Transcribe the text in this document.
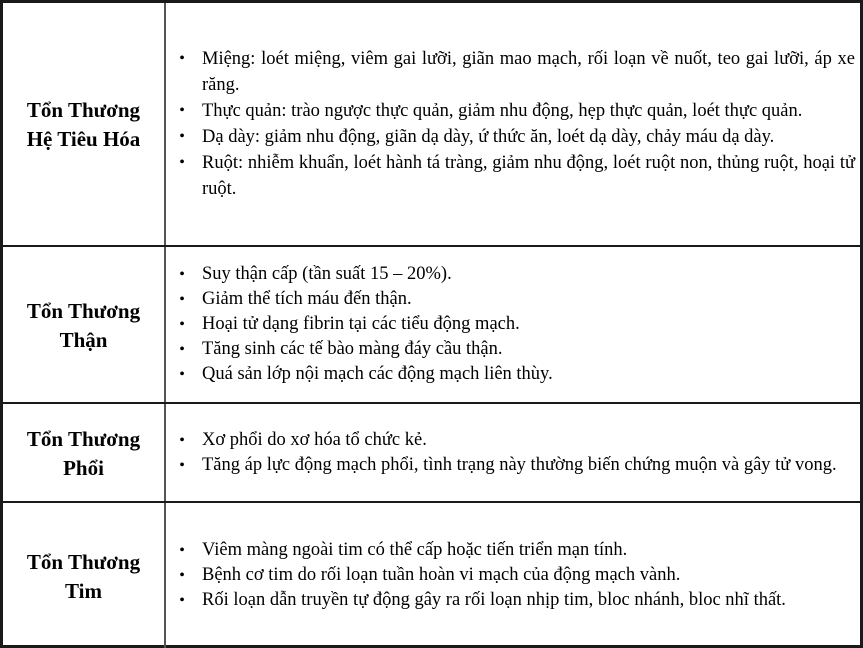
Tổn Thương
Hệ Tiêu Hóa
• Miệng: loét miệng, viêm gai lưỡi, giãn mao mạch, rối loạn về nuốt, teo gai lưỡi, áp xe răng.
• Thực quản: trào ngược thực quản, giảm nhu động, hẹp thực quản, loét thực quản.
• Dạ dày: giảm nhu động, giãn dạ dày, ứ thức ăn, loét dạ dày, chảy máu dạ dày.
• Ruột: nhiễm khuẩn, loét hành tá tràng, giảm nhu động, loét ruột non, thủng ruột, hoại tử ruột.
Tổn Thương
Thận
• Suy thận cấp (tần suất 15 – 20%).
• Giảm thể tích máu đến thận.
• Hoại tử dạng fibrin tại các tiểu động mạch.
• Tăng sinh các tế bào màng đáy cầu thận.
• Quá sản lớp nội mạch các động mạch liên thùy.
Tổn Thương
Phổi
• Xơ phổi do xơ hóa tổ chức kẻ.
• Tăng áp lực động mạch phổi, tình trạng này thường biến chứng muộn và gây tử vong.
Tổn Thương
Tim
• Viêm màng ngoài tim có thể cấp hoặc tiến triển mạn tính.
• Bệnh cơ tim do rối loạn tuần hoàn vi mạch của động mạch vành.
• Rối loạn dẫn truyền tự động gây ra rối loạn nhịp tim, bloc nhánh, bloc nhĩ thất.
